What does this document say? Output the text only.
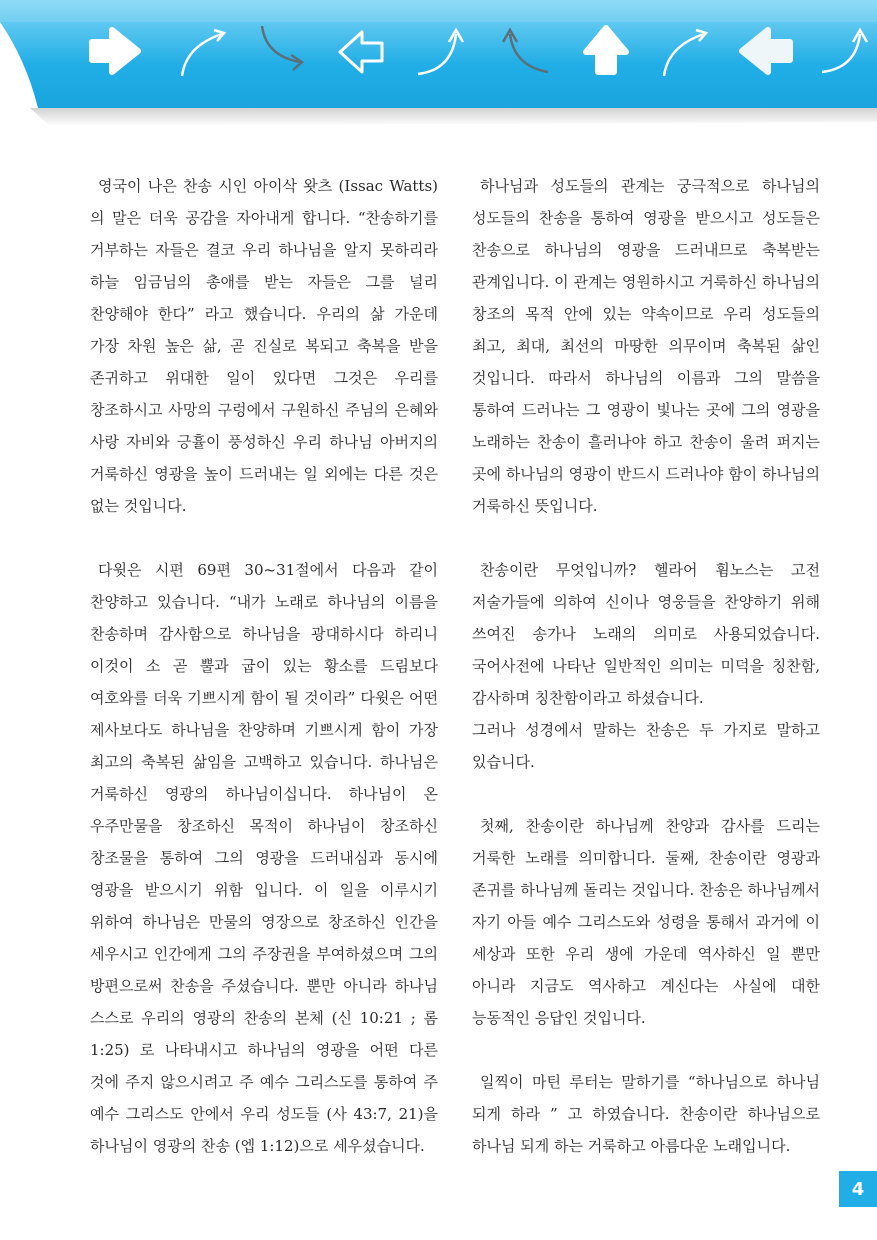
영국이 나은 찬송 시인 아이삭 왓츠 (Issac Watts)의 말은 더욱 공감을 자아내게 합니다. “찬송하기를 거부하는 자들은 결코 우리 하나님을 알지 못하리라 하늘 임금님의 총애를 받는 자들은 그를 널리 찬양해야 한다” 라고 했습니다. 우리의 삶 가운데 가장 차원 높은 삶, 곧 진실로 복되고 축복을 받을 존귀하고 위대한 일이 있다면 그것은 우리를 창조하시고 사망의 구렁에서 구원하신 주님의 은혜와 사랑 자비와 긍휼이 풍성하신 우리 하나님 아버지의 거룩하신 영광을 높이 드러내는 일 외에는 다른 것은 없는 것입니다.

다윗은 시편 69편 30~31절에서 다음과 같이 찬양하고 있습니다. “내가 노래로 하나님의 이름을 찬송하며 감사함으로 하나님을 광대하시다 하리니 이것이 소 곧 뿔과 굽이 있는 황소를 드림보다 여호와를 더욱 기쁘시게 함이 될 것이라” 다윗은 어떤 제사보다도 하나님을 찬양하며 기쁘시게 함이 가장 최고의 축복된 삶임을 고백하고 있습니다. 하나님은 거룩하신 영광의 하나님이십니다. 하나님이 온 우주만물을 창조하신 목적이 하나님이 창조하신 창조물을 통하여 그의 영광을 드러내심과 동시에 영광을 받으시기 위함 입니다. 이 일을 이루시기 위하여 하나님은 만물의 영장으로 창조하신 인간을 세우시고 인간에게 그의 주장권을 부여하셨으며 그의 방편으로써 찬송을 주셨습니다. 뿐만 아니라 하나님 스스로 우리의 영광의 찬송의 본체 (신 10:21 ; 롬 1:25) 로 나타내시고 하나님의 영광을 어떤 다른 것에 주지 않으시려고 주 예수 그리스도를 통하여 주 예수 그리스도 안에서 우리 성도들 (사 43:7, 21)을 하나님이 영광의 찬송 (엡 1:12)으로 세우셨습니다.

하나님과 성도들의 관계는 궁극적으로 하나님의 성도들의 찬송을 통하여 영광을 받으시고 성도들은 찬송으로 하나님의 영광을 드러내므로 축복받는 관계입니다. 이 관계는 영원하시고 거룩하신 하나님의 창조의 목적 안에 있는 약속이므로 우리 성도들의 최고, 최대, 최선의 마땅한 의무이며 축복된 삶인 것입니다. 따라서 하나님의 이름과 그의 말씀을 통하여 드러나는 그 영광이 빛나는 곳에 그의 영광을 노래하는 찬송이 흘러나야 하고 찬송이 울려 퍼지는 곳에 하나님의 영광이 반드시 드러나야 함이 하나님의 거룩하신 뜻입니다.

찬송이란 무엇입니까? 헬라어 휨노스는 고전 저술가들에 의하여 신이나 영웅들을 찬양하기 위해 쓰여진 송가나 노래의 의미로 사용되었습니다. 국어사전에 나타난 일반적인 의미는 미덕을 칭찬함, 감사하며 칭찬함이라고 하셨습니다.

그러나 성경에서 말하는 찬송은 두 가지로 말하고 있습니다.

첫째, 찬송이란 하나님께 찬양과 감사를 드리는 거룩한 노래를 의미합니다. 둘째, 찬송이란 영광과 존귀를 하나님께 돌리는 것입니다. 찬송은 하나님께서 자기 아들 예수 그리스도와 성령을 통해서 과거에 이 세상과 또한 우리 생에 가운데 역사하신 일 뿐만 아니라 지금도 역사하고 계신다는 사실에 대한 능동적인 응답인 것입니다.

일찍이 마틴 루터는 말하기를 “하나님으로 하나님 되게 하라 ” 고 하였습니다. 찬송이란 하나님으로 하나님 되게 하는 거룩하고 아름다운 노래입니다.

4
